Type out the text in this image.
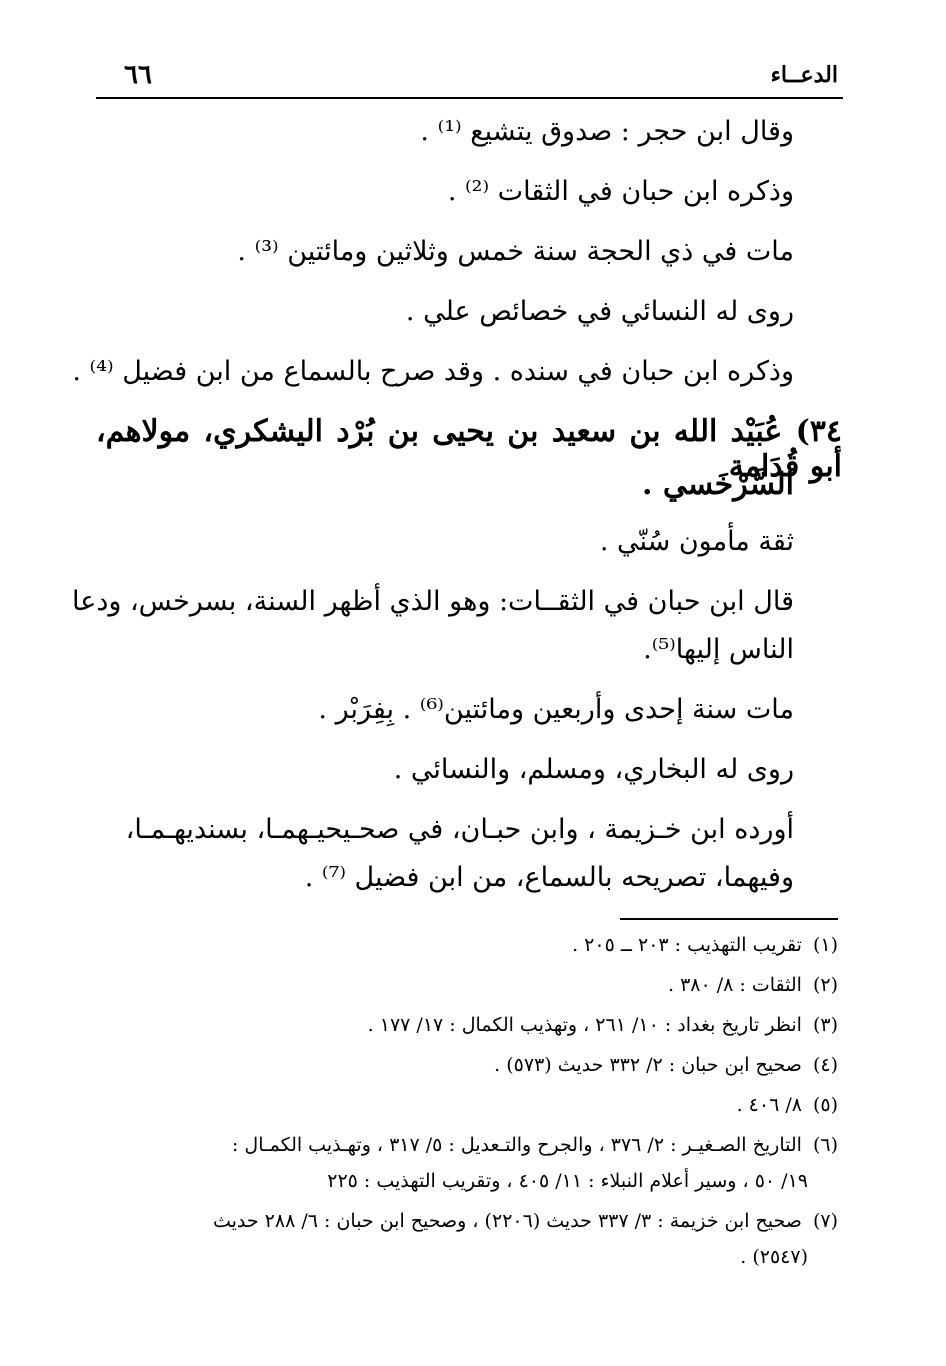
٦٦	الدعــاء
وقال ابن حجر : صدوق يتشيع ⁽¹⁾ .
وذكره ابن حبان في الثقات ⁽²⁾ .
مات في ذي الحجة سنة خمس وثلاثين ومائتين ⁽³⁾ .
روى له النسائي في خصائص علي .
وذكره ابن حبان في سنده . وقد صرح بالسماع من ابن فضيل ⁽⁴⁾ .
٣٤) عُبَيْد الله بن سعيد بن يحيى بن بُرْد اليشكري، مولاهم، أبو قُدَامة
السَّرْخَسي .
ثقة مأمون سُنّي .
قال ابن حبان في الثقــات: وهو الذي أظهر السنة، بسرخس، ودعا
الناس إليها⁽⁵⁾.
مات سنة إحدى وأربعين ومائتين⁽⁶⁾ . بِفِرَبْر .
روى له البخاري، ومسلم، والنسائي .
أورده ابن خـزيمة ، وابن حبـان، في صحـيحيـهمـا، بسنديهـمـا،
وفيهما، تصريحه بالسماع، من ابن فضيل ⁽⁷⁾ .
(١) تقريب التهذيب : ٢٠٣ ــ ٢٠٥ .
(٢) الثقات : ٨/ ٣٨٠ .
(٣) انظر تاريخ بغداد : ١٠/ ٢٦١ ، وتهذيب الكمال : ١٧/ ١٧٧ .
(٤) صحيح ابن حبان : ٢/ ٣٣٢ حديث (٥٧٣) .
(٥) ٨/ ٤٠٦ .
(٦) التاريخ الصـغيـر : ٢/ ٣٧٦ ، والجرح والتـعديل : ٥/ ٣١٧ ، وتهـذيب الكمـال :
١٩/ ٥٠ ، وسير أعلام النبلاء : ١١/ ٤٠٥ ، وتقريب التهذيب : ٢٢٥
(٧) صحيح ابن خزيمة : ٣/ ٣٣٧ حديث (٢٢٠٦) ، وصحيح ابن حبان : ٦/ ٢٨٨ حديث
(٢٥٤٧) .
